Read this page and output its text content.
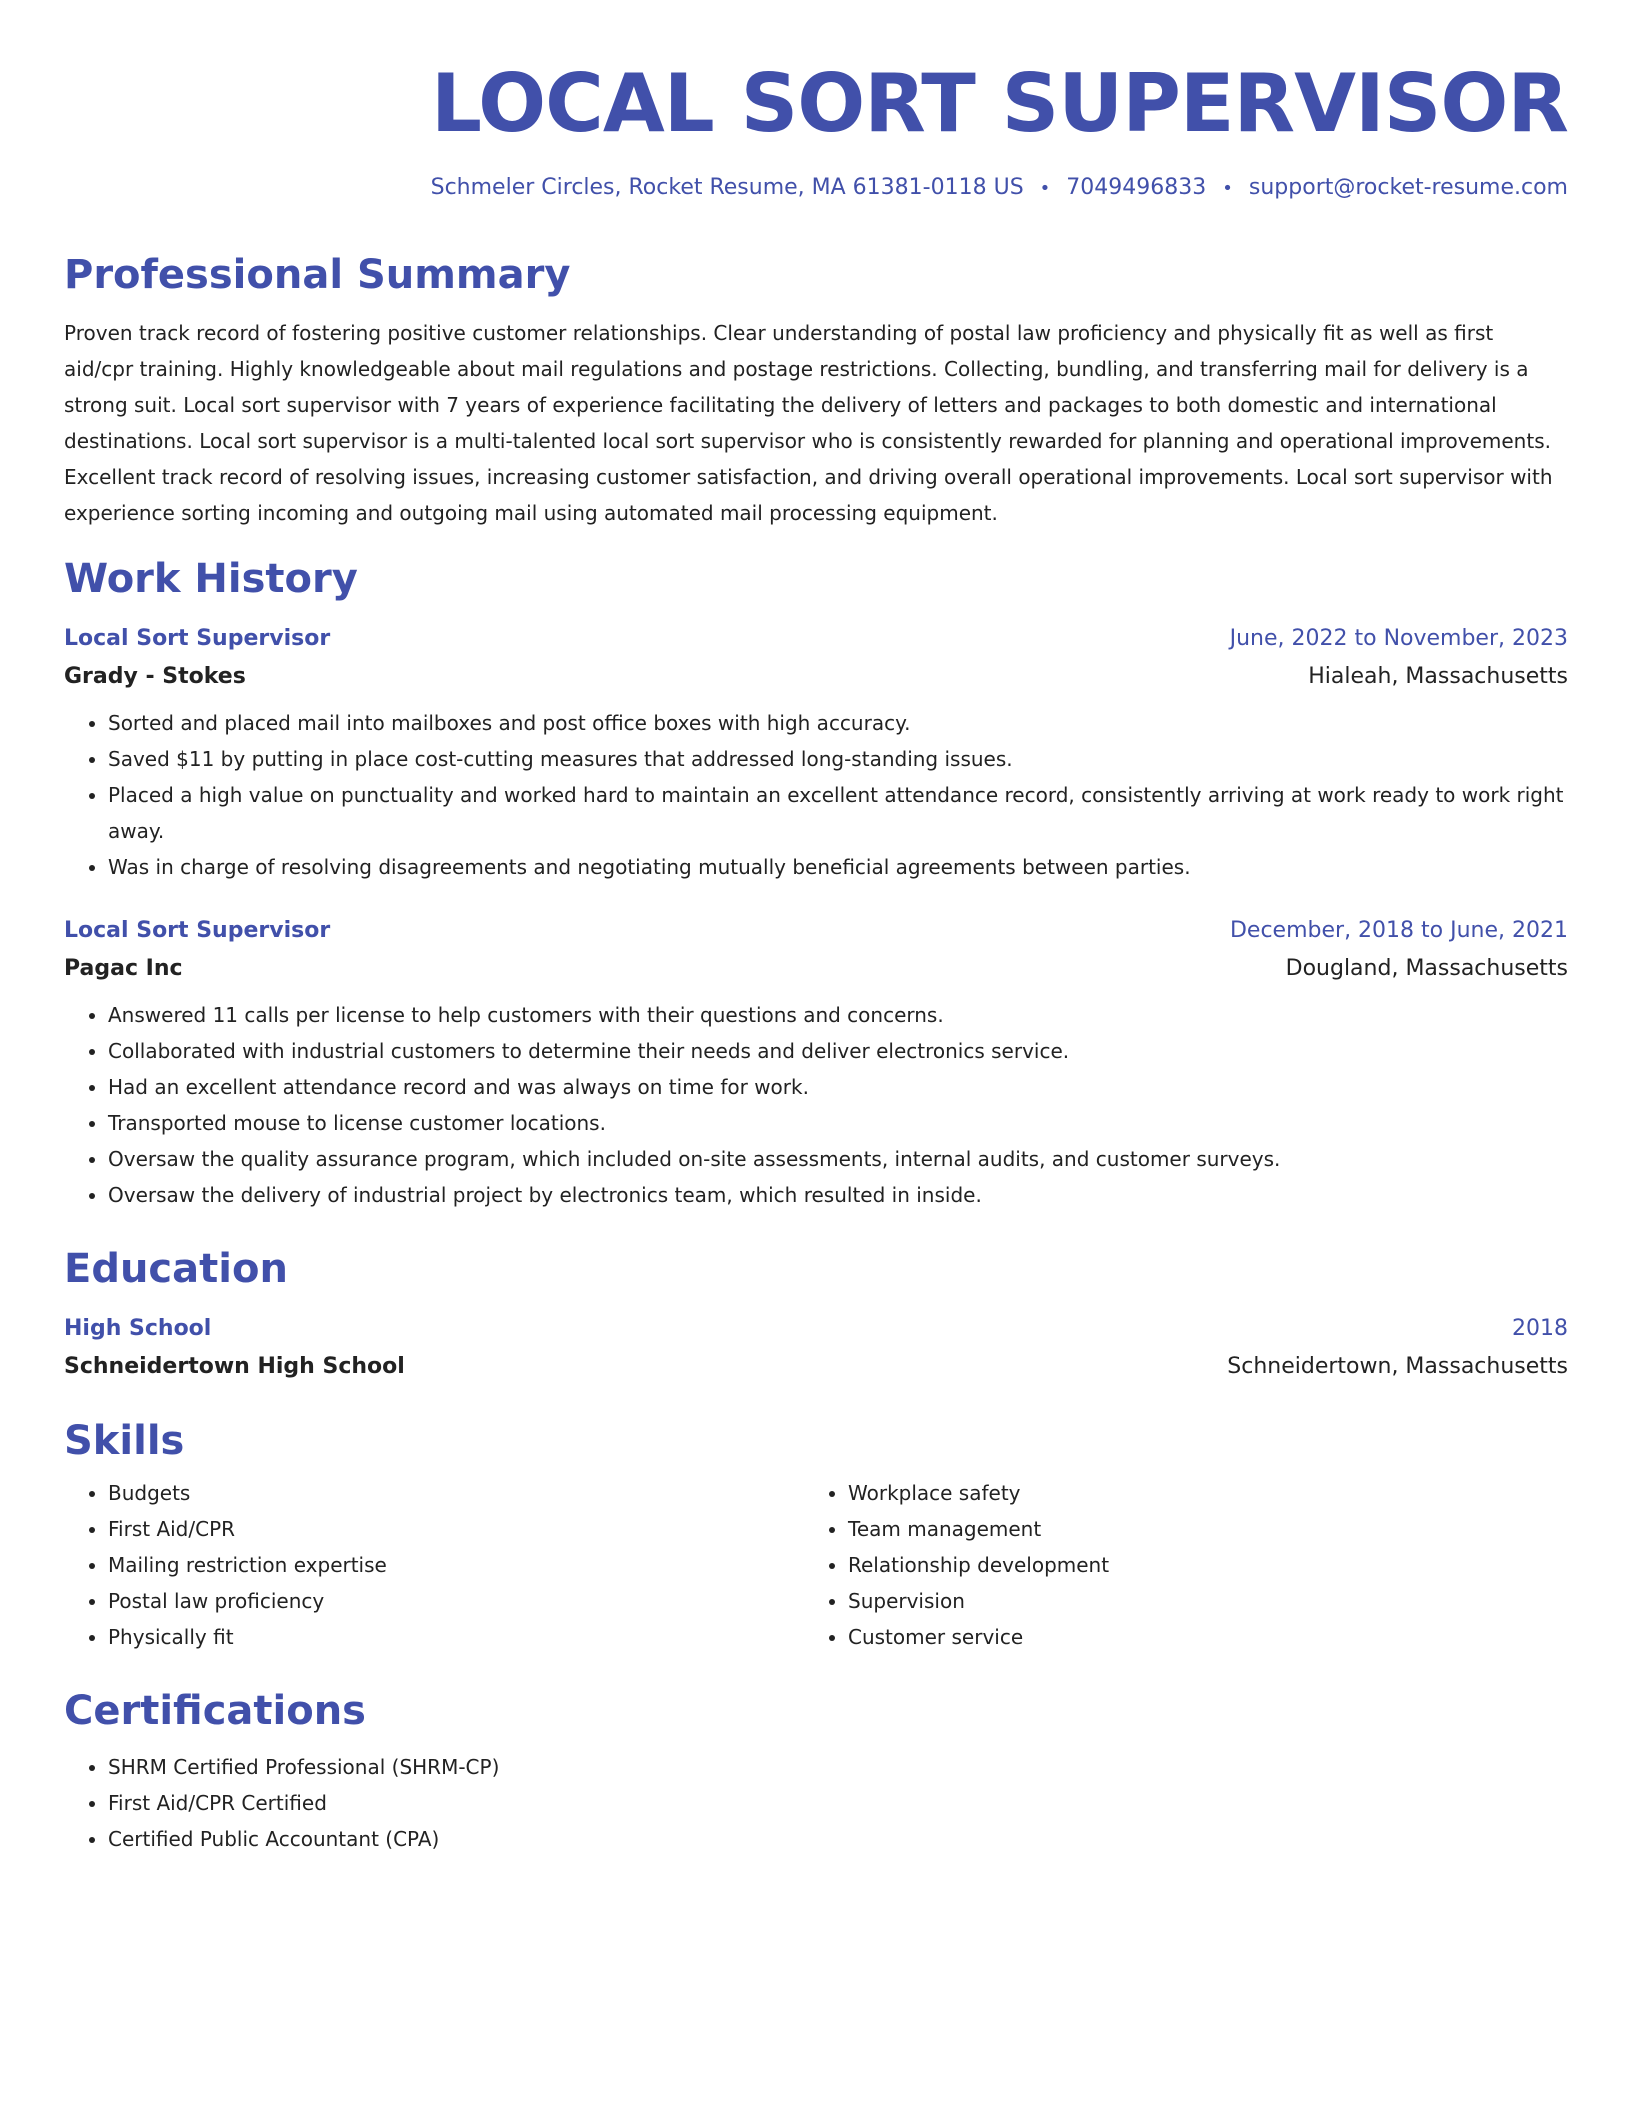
LOCAL SORT SUPERVISOR
Schmeler Circles, Rocket Resume, MA 61381-0118 US • 7049496833 • support@rocket-resume.com
Professional Summary

Proven track record of fostering positive customer relationships. Clear understanding of postal law proficiency and physically fit as well as first aid/cpr training. Highly knowledgeable about mail regulations and postage restrictions. Collecting, bundling, and transferring mail for delivery is a strong suit. Local sort supervisor with 7 years of experience facilitating the delivery of letters and packages to both domestic and international destinations. Local sort supervisor is a multi-talented local sort supervisor who is consistently rewarded for planning and operational improvements. Excellent track record of resolving issues, increasing customer satisfaction, and driving overall operational improvements. Local sort supervisor with experience sorting incoming and outgoing mail using automated mail processing equipment.

Work History
Local Sort Supervisor	June, 2022 to November, 2023
Grady - Stokes	Hialeah, Massachusetts
• Sorted and placed mail into mailboxes and post office boxes with high accuracy.
• Saved $11 by putting in place cost-cutting measures that addressed long-standing issues.
• Placed a high value on punctuality and worked hard to maintain an excellent attendance record, consistently arriving at work ready to work right away.
• Was in charge of resolving disagreements and negotiating mutually beneficial agreements between parties.
Local Sort Supervisor	December, 2018 to June, 2021
Pagac Inc	Dougland, Massachusetts
• Answered 11 calls per license to help customers with their questions and concerns.
• Collaborated with industrial customers to determine their needs and deliver electronics service.
• Had an excellent attendance record and was always on time for work.
• Transported mouse to license customer locations.
• Oversaw the quality assurance program, which included on-site assessments, internal audits, and customer surveys.
• Oversaw the delivery of industrial project by electronics team, which resulted in inside.
Education
High School	2018
Schneidertown High School	Schneidertown, Massachusetts
Skills
• Budgets
• First Aid/CPR
• Mailing restriction expertise
• Postal law proficiency
• Physically fit
• Workplace safety
• Team management
• Relationship development
• Supervision
• Customer service
Certifications
• SHRM Certified Professional (SHRM-CP)
• First Aid/CPR Certified
• Certified Public Accountant (CPA)
